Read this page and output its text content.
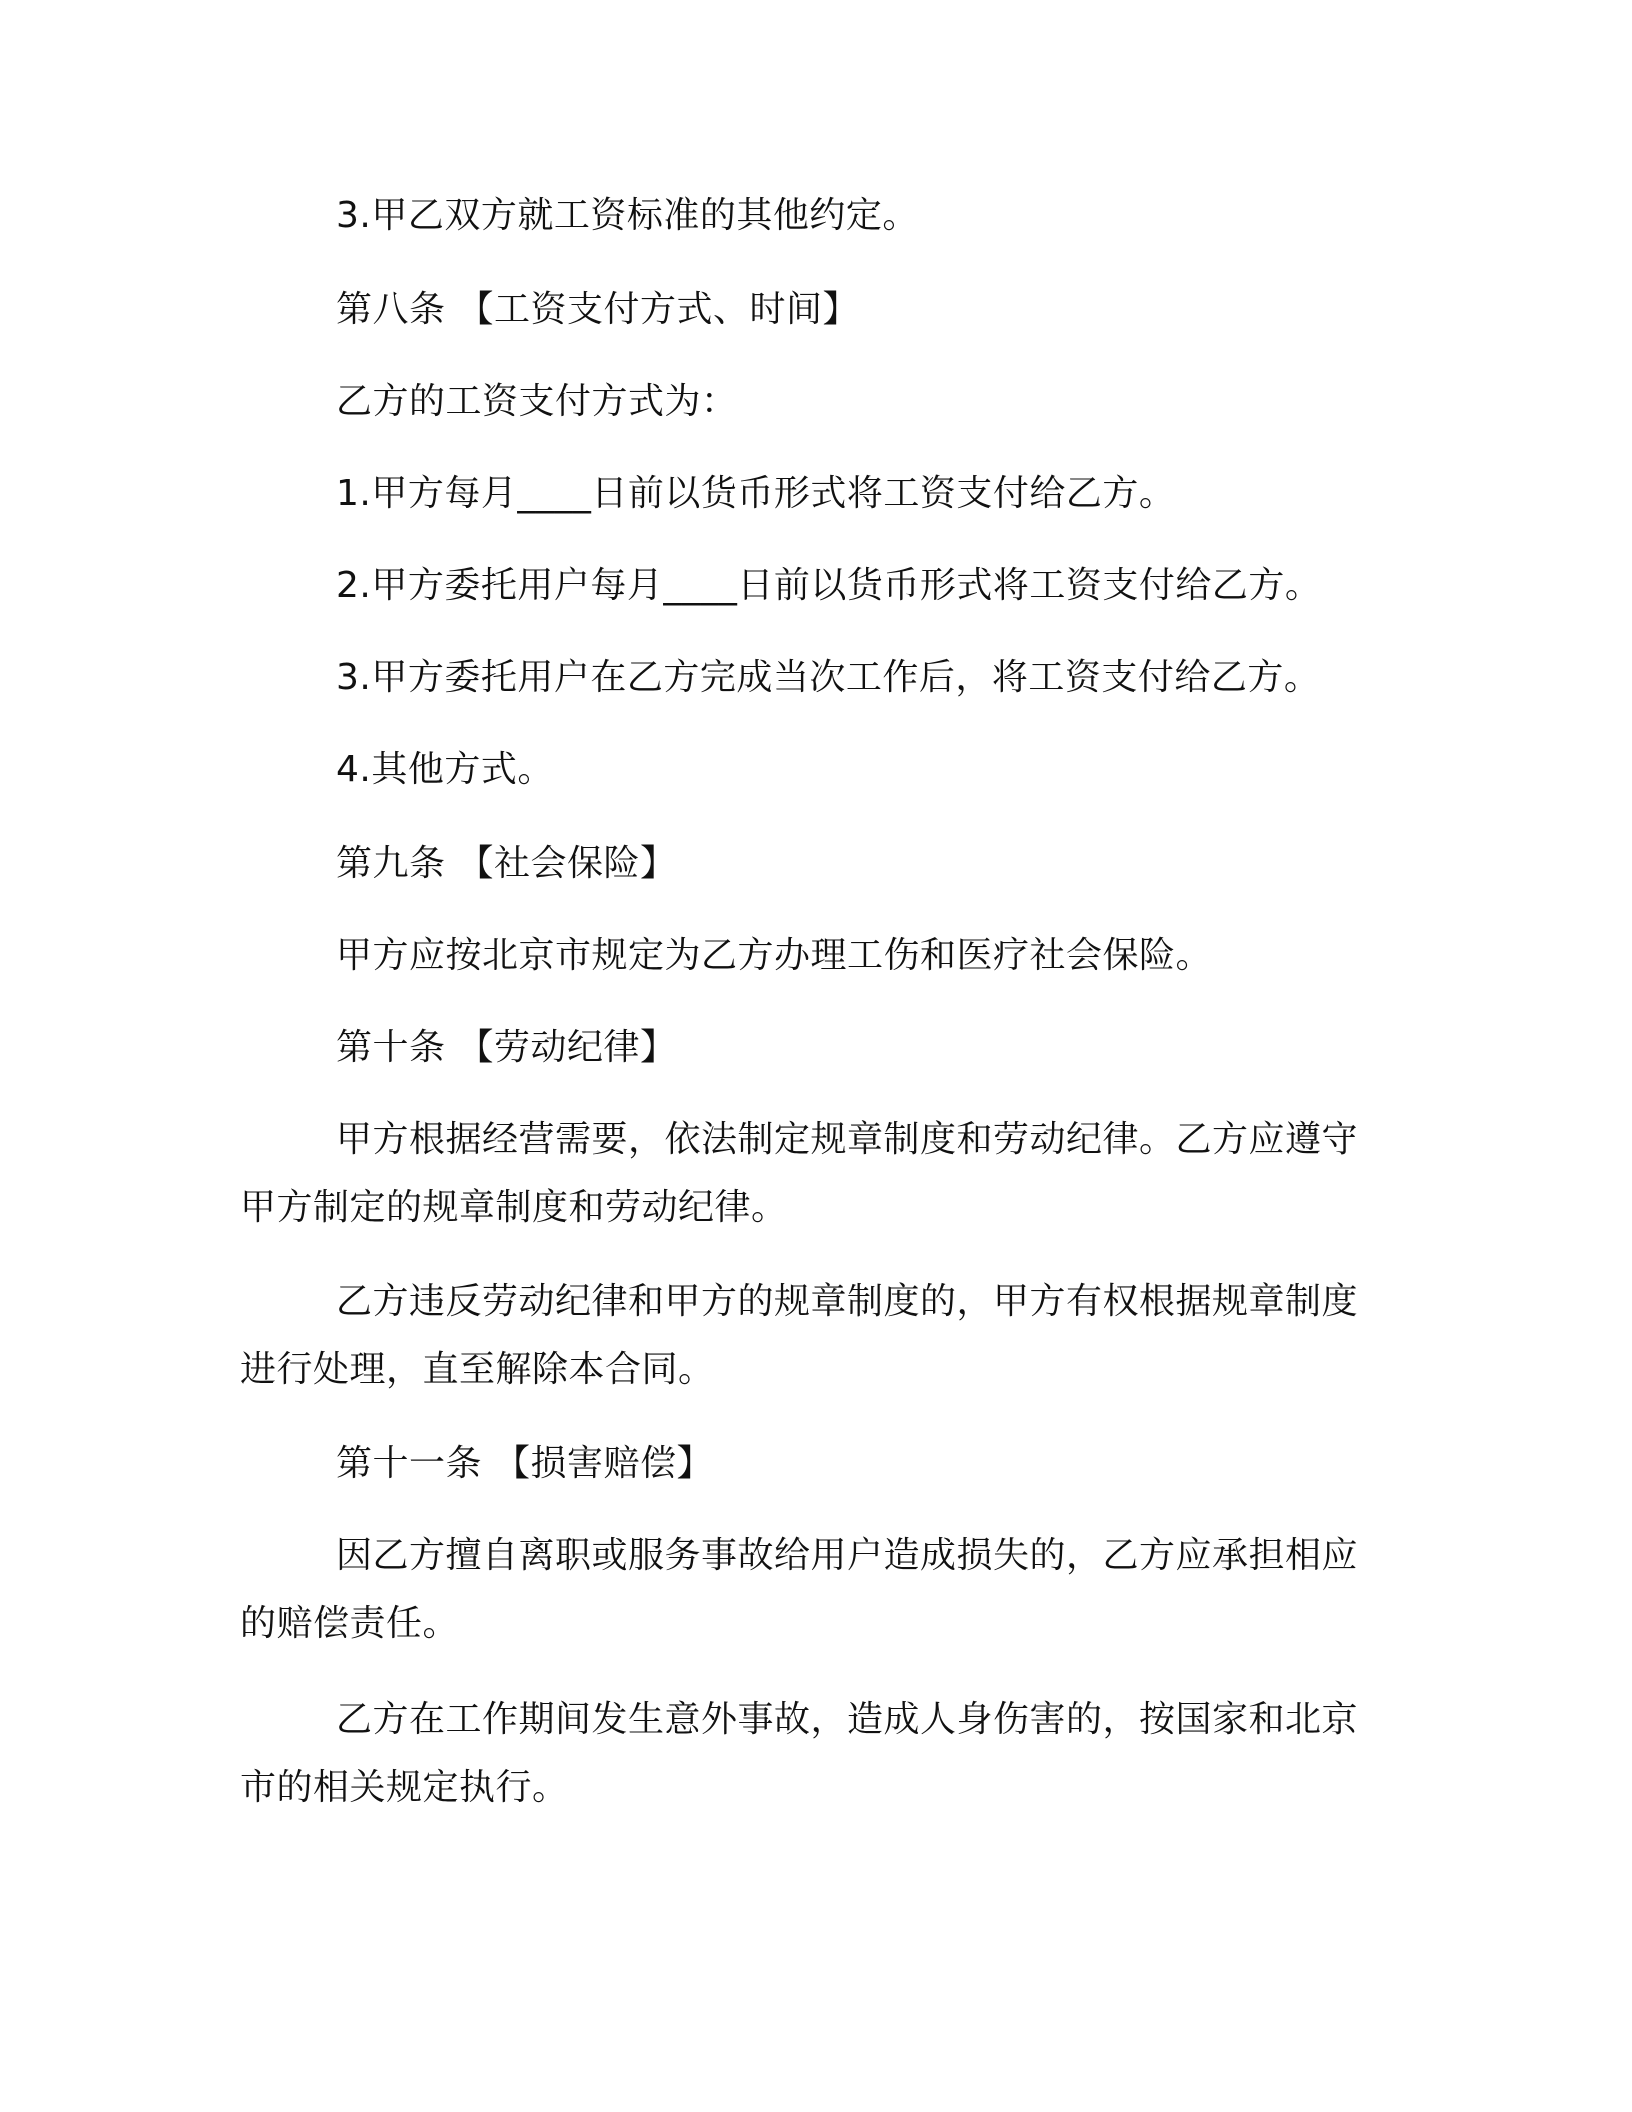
3.甲乙双方就工资标准的其他约定。

第八条 【工资支付方式、时间】

乙方的工资支付方式为：

1.甲方每月____日前以货币形式将工资支付给乙方。

2.甲方委托用户每月____日前以货币形式将工资支付给乙方。

3.甲方委托用户在乙方完成当次工作后，将工资支付给乙方。

4.其他方式。

第九条 【社会保险】

甲方应按北京市规定为乙方办理工伤和医疗社会保险。

第十条 【劳动纪律】

甲方根据经营需要，依法制定规章制度和劳动纪律。乙方应遵守
甲方制定的规章制度和劳动纪律。
乙方违反劳动纪律和甲方的规章制度的，甲方有权根据规章制度
进行处理，直至解除本合同。

第十一条 【损害赔偿】

因乙方擅自离职或服务事故给用户造成损失的，乙方应承担相应
的赔偿责任。
乙方在工作期间发生意外事故，造成人身伤害的，按国家和北京
市的相关规定执行。
